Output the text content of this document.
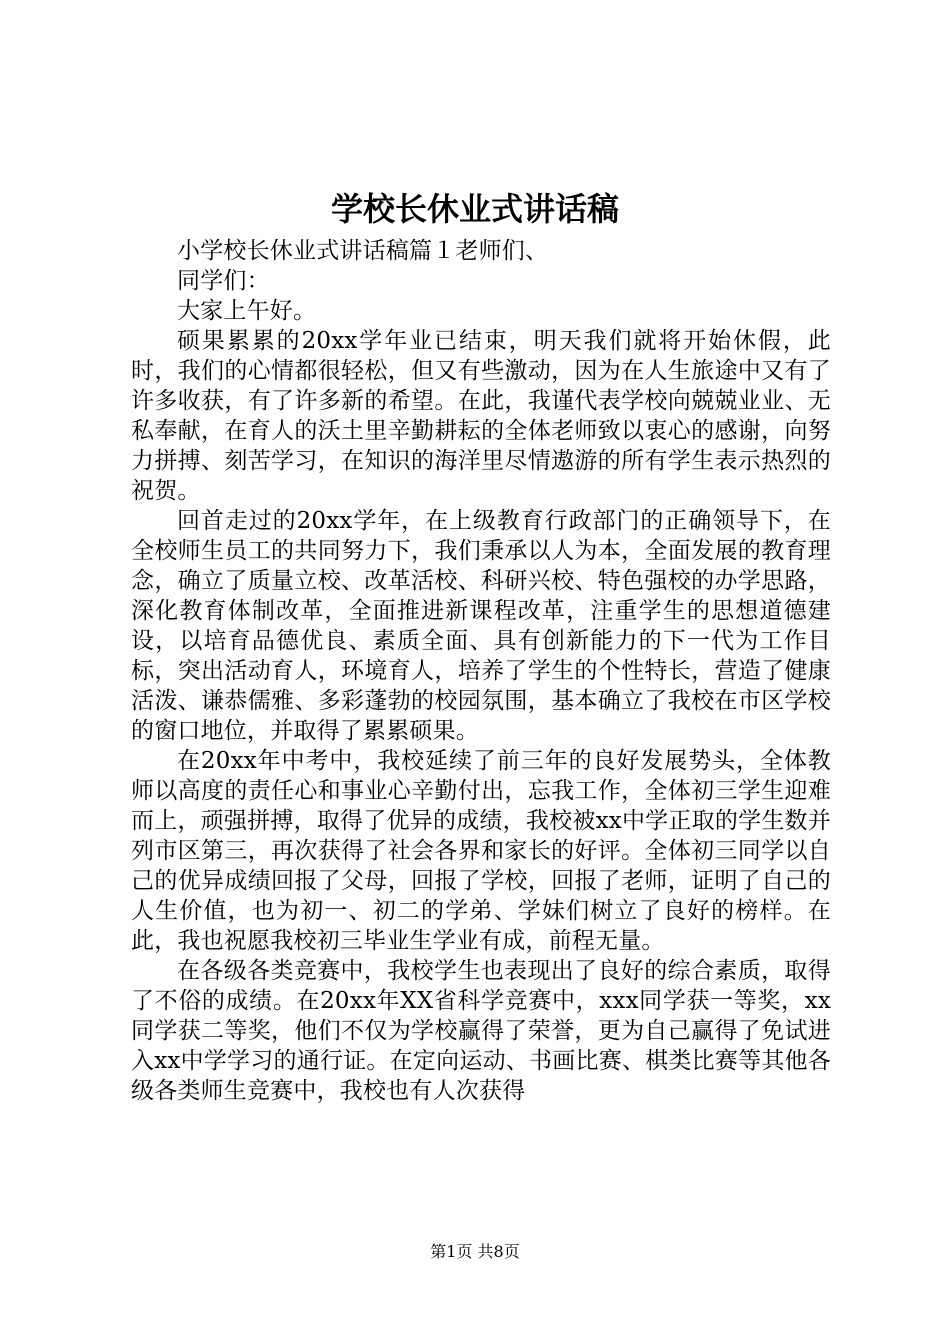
学校长休业式讲话稿

小学校长休业式讲话稿篇１老师们、

同学们：

大家上午好。

硕果累累的20xx学年业已结束，明天我们就将开始休假，此时，我们的心情都很轻松，但又有些激动，因为在人生旅途中又有了许多收获，有了许多新的希望。在此，我谨代表学校向兢兢业业、无私奉献，在育人的沃土里辛勤耕耘的全体老师致以衷心的感谢，向努力拼搏、刻苦学习，在知识的海洋里尽情遨游的所有学生表示热烈的祝贺。

回首走过的20xx学年，在上级教育行政部门的正确领导下，在全校师生员工的共同努力下，我们秉承以人为本，全面发展的教育理念，确立了质量立校、改革活校、科研兴校、特色强校的办学思路，深化教育体制改革，全面推进新课程改革，注重学生的思想道德建设，以培育品德优良、素质全面、具有创新能力的下一代为工作目标，突出活动育人，环境育人，培养了学生的个性特长，营造了健康活泼、谦恭儒雅、多彩蓬勃的校园氛围，基本确立了我校在市区学校的窗口地位，并取得了累累硕果。

在20xx年中考中，我校延续了前三年的良好发展势头，全体教师以高度的责任心和事业心辛勤付出，忘我工作，全体初三学生迎难而上，顽强拼搏，取得了优异的成绩，我校被xx中学正取的学生数并列市区第三，再次获得了社会各界和家长的好评。全体初三同学以自己的优异成绩回报了父母，回报了学校，回报了老师，证明了自己的人生价值，也为初一、初二的学弟、学妹们树立了良好的榜样。在此，我也祝愿我校初三毕业生学业有成，前程无量。

在各级各类竞赛中，我校学生也表现出了良好的综合素质，取得了不俗的成绩。在20xx年XX省科学竞赛中，xxx同学获一等奖，xx同学获二等奖，他们不仅为学校赢得了荣誉，更为自己赢得了免试进入xx中学学习的通行证。在定向运动、书画比赛、棋类比赛等其他各级各类师生竞赛中，我校也有人次获得

第1页 共8页
